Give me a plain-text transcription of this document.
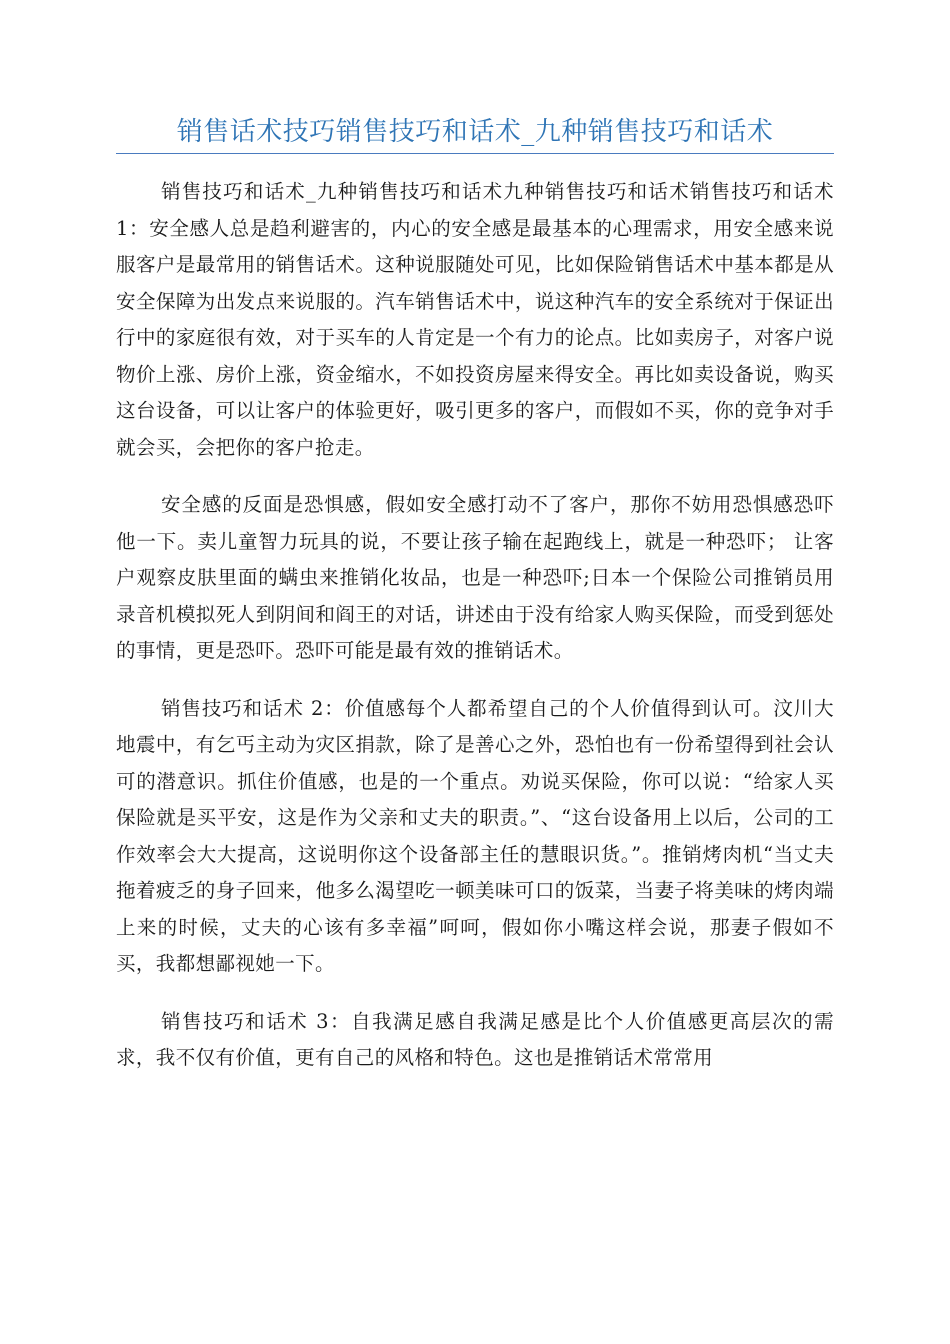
销售话术技巧销售技巧和话术_九种销售技巧和话术

销售技巧和话术_九种销售技巧和话术九种销售技巧和话术销售技巧和话术 1：安全感人总是趋利避害的，内心的安全感是最基本的心理需求，用安全感来说服客户是最常用的销售话术。这种说服随处可见，比如保险销售话术中基本都是从安全保障为出发点来说服的。汽车销售话术中，说这种汽车的安全系统对于保证出行中的家庭很有效，对于买车的人肯定是一个有力的论点。比如卖房子，对客户说物价上涨、房价上涨，资金缩水，不如投资房屋来得安全。再比如卖设备说，购买这台设备，可以让客户的体验更好，吸引更多的客户，而假如不买，你的竞争对手就会买，会把你的客户抢走。

安全感的反面是恐惧感，假如安全感打动不了客户，那你不妨用恐惧感恐吓他一下。卖儿童智力玩具的说，不要让孩子输在起跑线上，就是一种恐吓； 让客户观察皮肤里面的螨虫来推销化妆品，也是一种恐吓;日本一个保险公司推销员用录音机模拟死人到阴间和阎王的对话，讲述由于没有给家人购买保险，而受到惩处的事情，更是恐吓。恐吓可能是最有效的推销话术。

销售技巧和话术 2：价值感每个人都希望自己的个人价值得到认可。汶川大地震中，有乞丐主动为灾区捐款，除了是善心之外，恐怕也有一份希望得到社会认可的潜意识。抓住价值感，也是的一个重点。劝说买保险，你可以说：“给家人买保险就是买平安，这是作为父亲和丈夫的职责。”、“这台设备用上以后，公司的工作效率会大大提高，这说明你这个设备部主任的慧眼识货。”。推销烤肉机“当丈夫拖着疲乏的身子回来，他多么渴望吃一顿美味可口的饭菜，当妻子将美味的烤肉端上来的时候，丈夫的心该有多幸福”呵呵，假如你小嘴这样会说，那妻子假如不买，我都想鄙视她一下。

销售技巧和话术 3：自我满足感自我满足感是比个人价值感更高层次的需求，我不仅有价值，更有自己的风格和特色。这也是推销话术常常用
